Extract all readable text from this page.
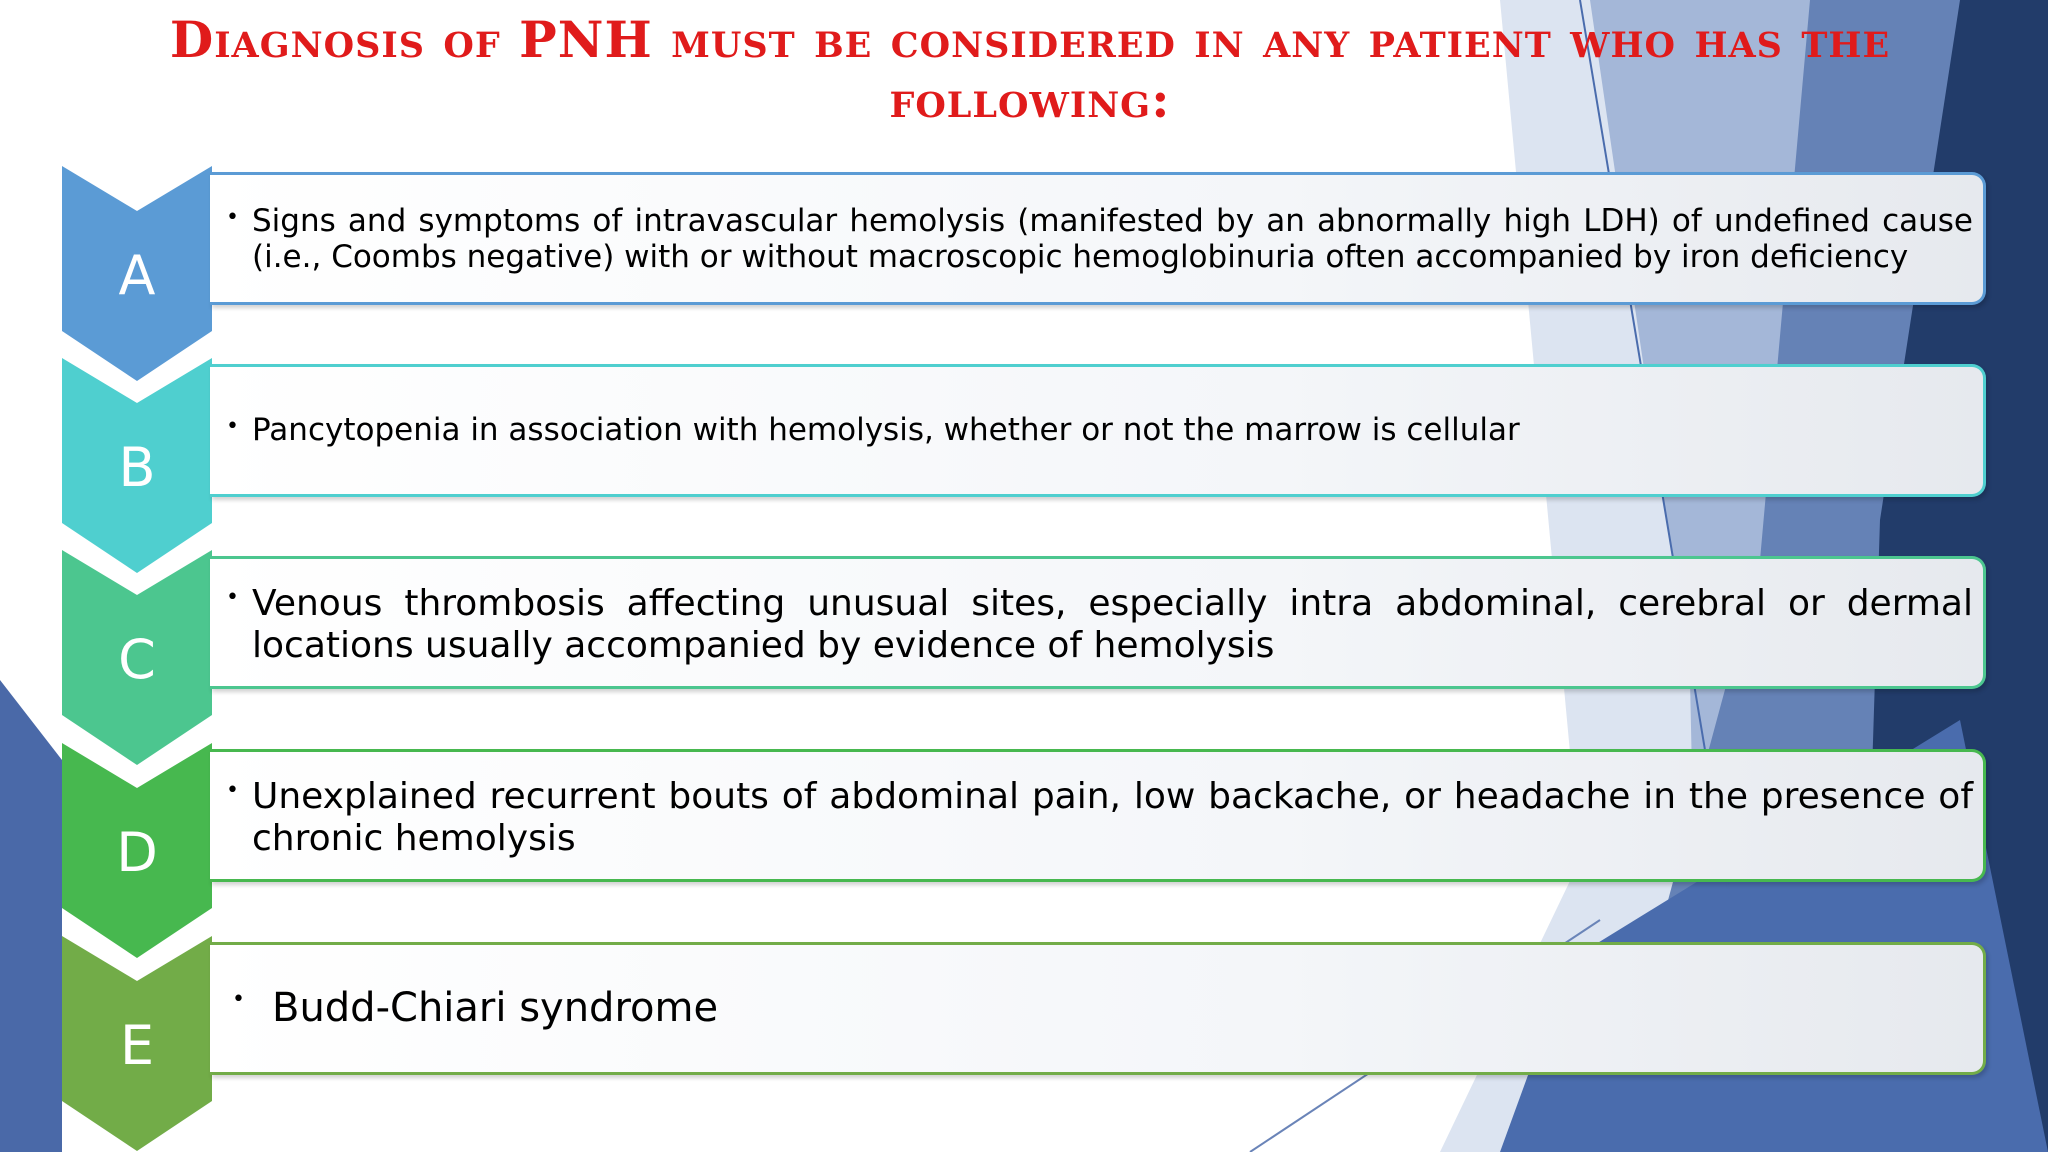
Diagnosis of PNH must be considered in any patient who has the following:
A
• Signs and symptoms of intravascular hemolysis (manifested by an abnormally high LDH) of undefined cause (i.e., Coombs negative) with or without macroscopic hemoglobinuria often accompanied by iron deficiency
B
• Pancytopenia in association with hemolysis, whether or not the marrow is cellular
C
• Venous thrombosis affecting unusual sites, especially intra abdominal, cerebral or dermal locations usually accompanied by evidence of hemolysis
D
• Unexplained recurrent bouts of abdominal pain, low backache, or headache in the presence of chronic hemolysis
E
• Budd-Chiari syndrome
